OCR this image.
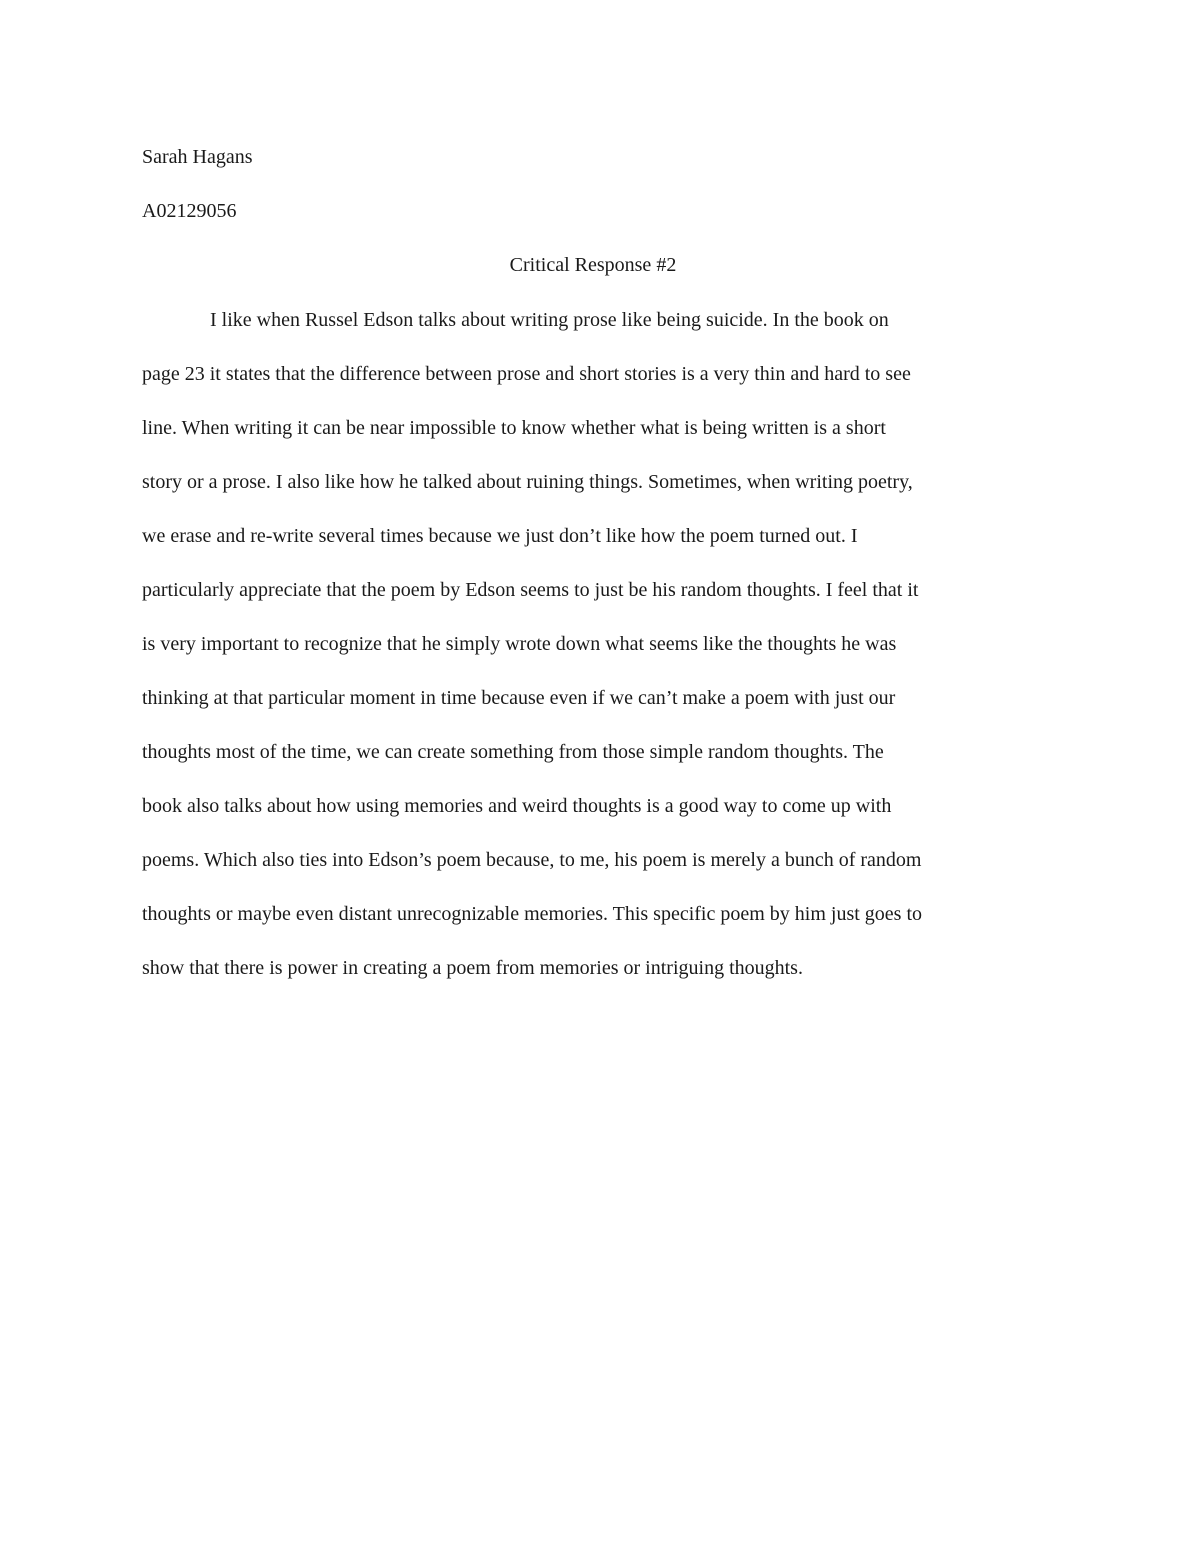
Sarah Hagans
A02129056
Critical Response #2
I like when Russel Edson talks about writing prose like being suicide. In the book on
page 23 it states that the difference between prose and short stories is a very thin and hard to see
line. When writing it can be near impossible to know whether what is being written is a short
story or a prose. I also like how he talked about ruining things. Sometimes, when writing poetry,
we erase and re-write several times because we just don’t like how the poem turned out. I
particularly appreciate that the poem by Edson seems to just be his random thoughts. I feel that it
is very important to recognize that he simply wrote down what seems like the thoughts he was
thinking at that particular moment in time because even if we can’t make a poem with just our
thoughts most of the time, we can create something from those simple random thoughts. The
book also talks about how using memories and weird thoughts is a good way to come up with
poems. Which also ties into Edson’s poem because, to me, his poem is merely a bunch of random
thoughts or maybe even distant unrecognizable memories. This specific poem by him just goes to
show that there is power in creating a poem from memories or intriguing thoughts.
